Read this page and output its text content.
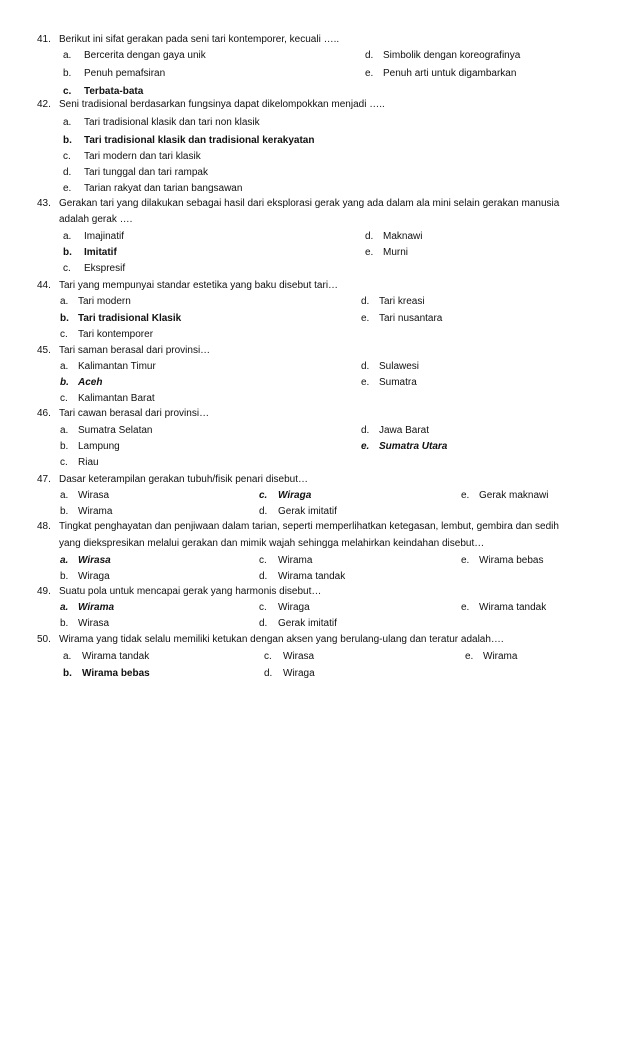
41. Berikut ini sifat gerakan pada seni tari kontemporer, kecuali …..
a. Bercerita dengan gaya unik	d. Simbolik dengan koreografinya
b. Penuh pemafsiran	e. Penuh arti untuk digambarkan
c. Terbata-bata
42. Seni tradisional berdasarkan fungsinya dapat dikelompokkan menjadi …..
a. Tari tradisional klasik dan tari non klasik
b. Tari tradisional klasik dan tradisional kerakyatan
c. Tari modern dan tari klasik
d. Tari tunggal dan tari rampak
e. Tarian rakyat dan tarian bangsawan
43. Gerakan tari yang dilakukan sebagai hasil dari eksplorasi gerak yang ada dalam ala mini selain gerakan manusia
adalah gerak ….
a. Imajinatif	d. Maknawi
b. Imitatif	e. Murni
c. Ekspresif
44. Tari yang mempunyai standar estetika yang baku disebut tari…
a. Tari modern	d. Tari kreasi
b. Tari tradisional Klasik	e. Tari nusantara
c. Tari kontemporer
45. Tari saman berasal dari provinsi…
a. Kalimantan Timur	d. Sulawesi
b. Aceh	e. Sumatra
c. Kalimantan Barat
46. Tari cawan berasal dari provinsi…
a. Sumatra Selatan	d. Jawa Barat
b. Lampung	e. Sumatra Utara
c. Riau
47. Dasar keterampilan gerakan tubuh/fisik penari disebut…
a. Wirasa	c. Wiraga	e. Gerak maknawi
b. Wirama	d. Gerak imitatif
48. Tingkat penghayatan dan penjiwaan dalam tarian, seperti memperlihatkan ketegasan, lembut, gembira dan sedih
yang diekspresikan melalui gerakan dan mimik wajah sehingga melahirkan keindahan disebut…
a. Wirasa	c. Wirama	e. Wirama bebas
b. Wiraga	d. Wirama tandak
49. Suatu pola untuk mencapai gerak yang harmonis disebut…
a. Wirama	c. Wiraga	e. Wirama tandak
b. Wirasa	d. Gerak imitatif
50. Wirama yang tidak selalu memiliki ketukan dengan aksen yang berulang-ulang dan teratur adalah….
a. Wirama tandak	c. Wirasa	e. Wirama
b. Wirama bebas	d. Wiraga
